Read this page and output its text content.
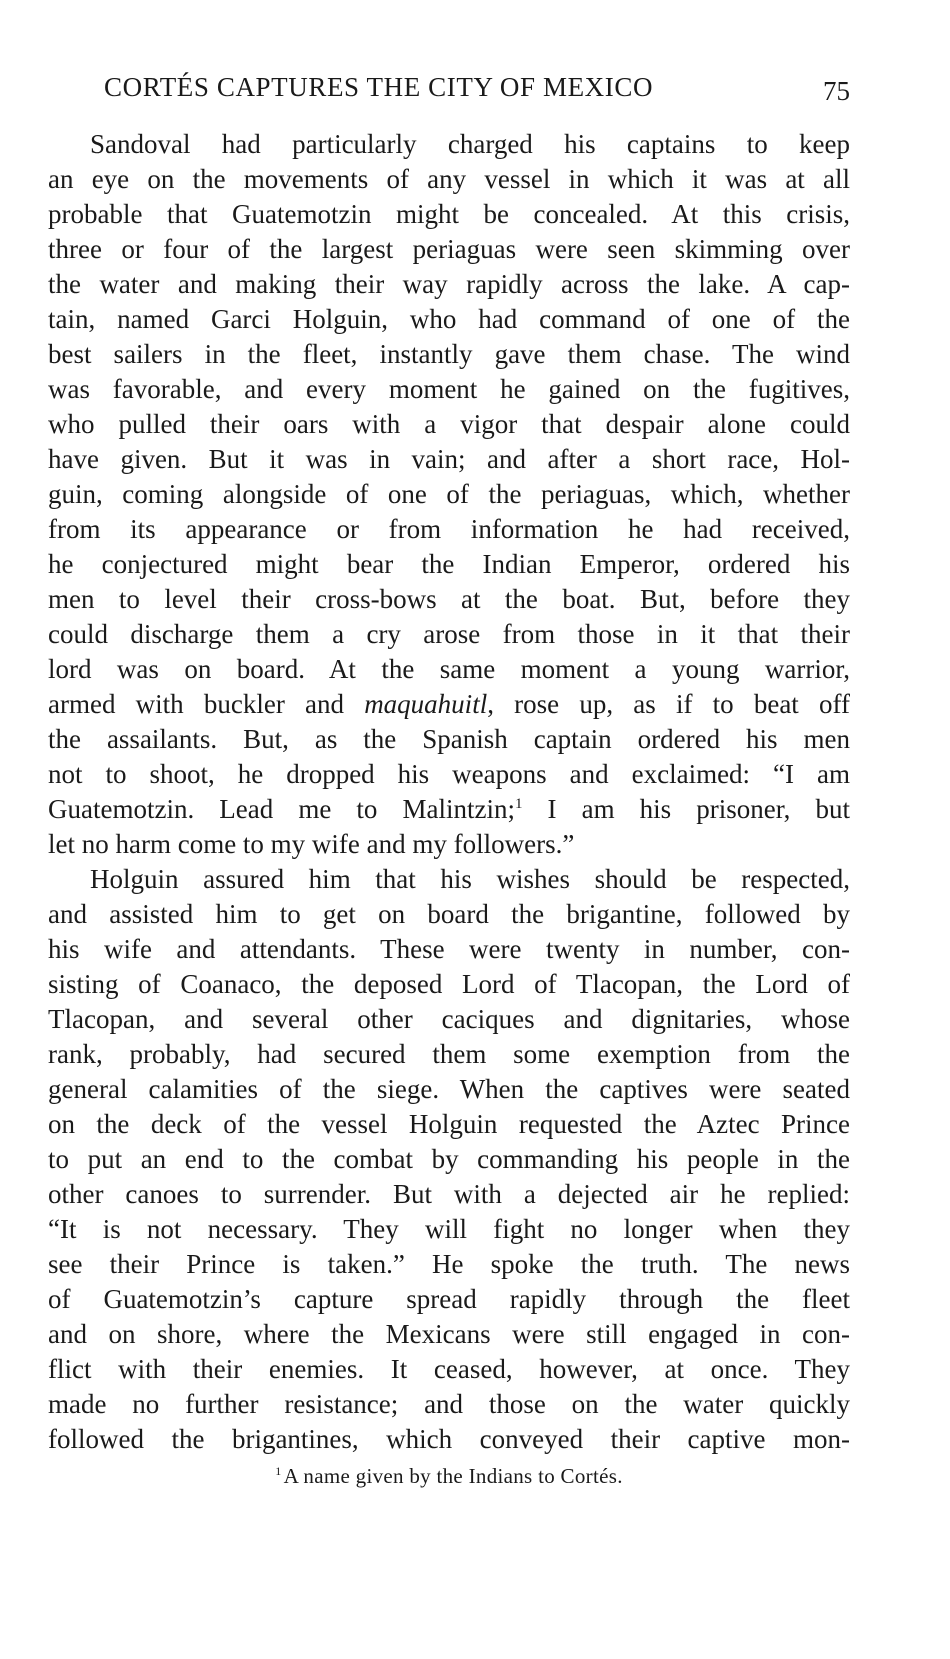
CORTÉS CAPTURES THE CITY OF MEXICO	75
Sandoval had particularly charged his captains to keep
an eye on the movements of any vessel in which it was at all
probable that Guatemotzin might be concealed. At this crisis,
three or four of the largest periaguas were seen skimming over
the water and making their way rapidly across the lake. A cap-
tain, named Garci Holguin, who had command of one of the
best sailers in the fleet, instantly gave them chase. The wind
was favorable, and every moment he gained on the fugitives,
who pulled their oars with a vigor that despair alone could
have given. But it was in vain; and after a short race, Hol-
guin, coming alongside of one of the periaguas, which, whether
from its appearance or from information he had received,
he conjectured might bear the Indian Emperor, ordered his
men to level their cross-bows at the boat. But, before they
could discharge them a cry arose from those in it that their
lord was on board. At the same moment a young warrior,
armed with buckler and maquahuitl, rose up, as if to beat off
the assailants. But, as the Spanish captain ordered his men
not to shoot, he dropped his weapons and exclaimed: “I am
Guatemotzin. Lead me to Malintzin;$^1$ I am his prisoner, but
let no harm come to my wife and my followers.”
Holguin assured him that his wishes should be respected,
and assisted him to get on board the brigantine, followed by
his wife and attendants. These were twenty in number, con-
sisting of Coanaco, the deposed Lord of Tlacopan, the Lord of
Tlacopan, and several other caciques and dignitaries, whose
rank, probably, had secured them some exemption from the
general calamities of the siege. When the captives were seated
on the deck of the vessel Holguin requested the Aztec Prince
to put an end to the combat by commanding his people in the
other canoes to surrender. But with a dejected air he replied:
“It is not necessary. They will fight no longer when they
see their Prince is taken.” He spoke the truth. The news
of Guatemotzin’s capture spread rapidly through the fleet
and on shore, where the Mexicans were still engaged in con-
flict with their enemies. It ceased, however, at once. They
made no further resistance; and those on the water quickly
followed the brigantines, which conveyed their captive mon-
$^1$A name given by the Indians to Cortés.
